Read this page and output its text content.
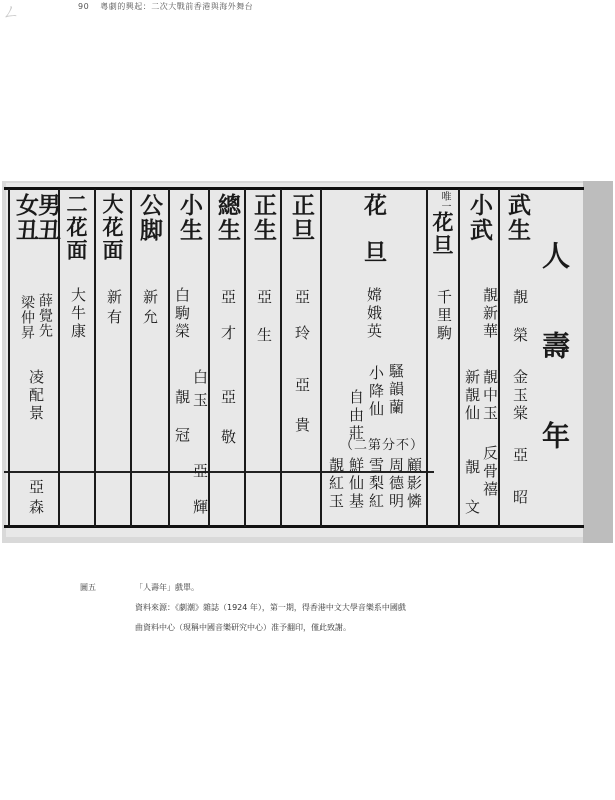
ㄥ	90 粵劇的興起：二次大戰前香港與海外舞台
人壽年
武生
靚
榮
金玉棠
亞
昭
小武
靚新華
靚中玉
新靚仙
反骨禧
靚
文
唯一
花旦
千里駒
花旦
嫦娥英
騷韻蘭
小降仙
自由莊
（二第分不）
顧影憐
周德明
雪梨紅
鮮仙基
靚紅玉
正旦
亞
玲
亞
貴
正生
亞
生
總生
亞
才
亞
敬
小生
白駒榮
白玉
靚
冠
亞
輝
公脚
新
允
大花面
新
有
二花面
大牛康
男丑
女丑
薛覺先
梁仲昇
凌
配
景
亞
森
圖五	「人壽年」戲單。
資料來源：《劇潮》雜誌（1924 年），第一期，得香港中文大學音樂系中國戲
曲資料中心（現稱中國音樂研究中心）准予翻印，僅此致謝。
